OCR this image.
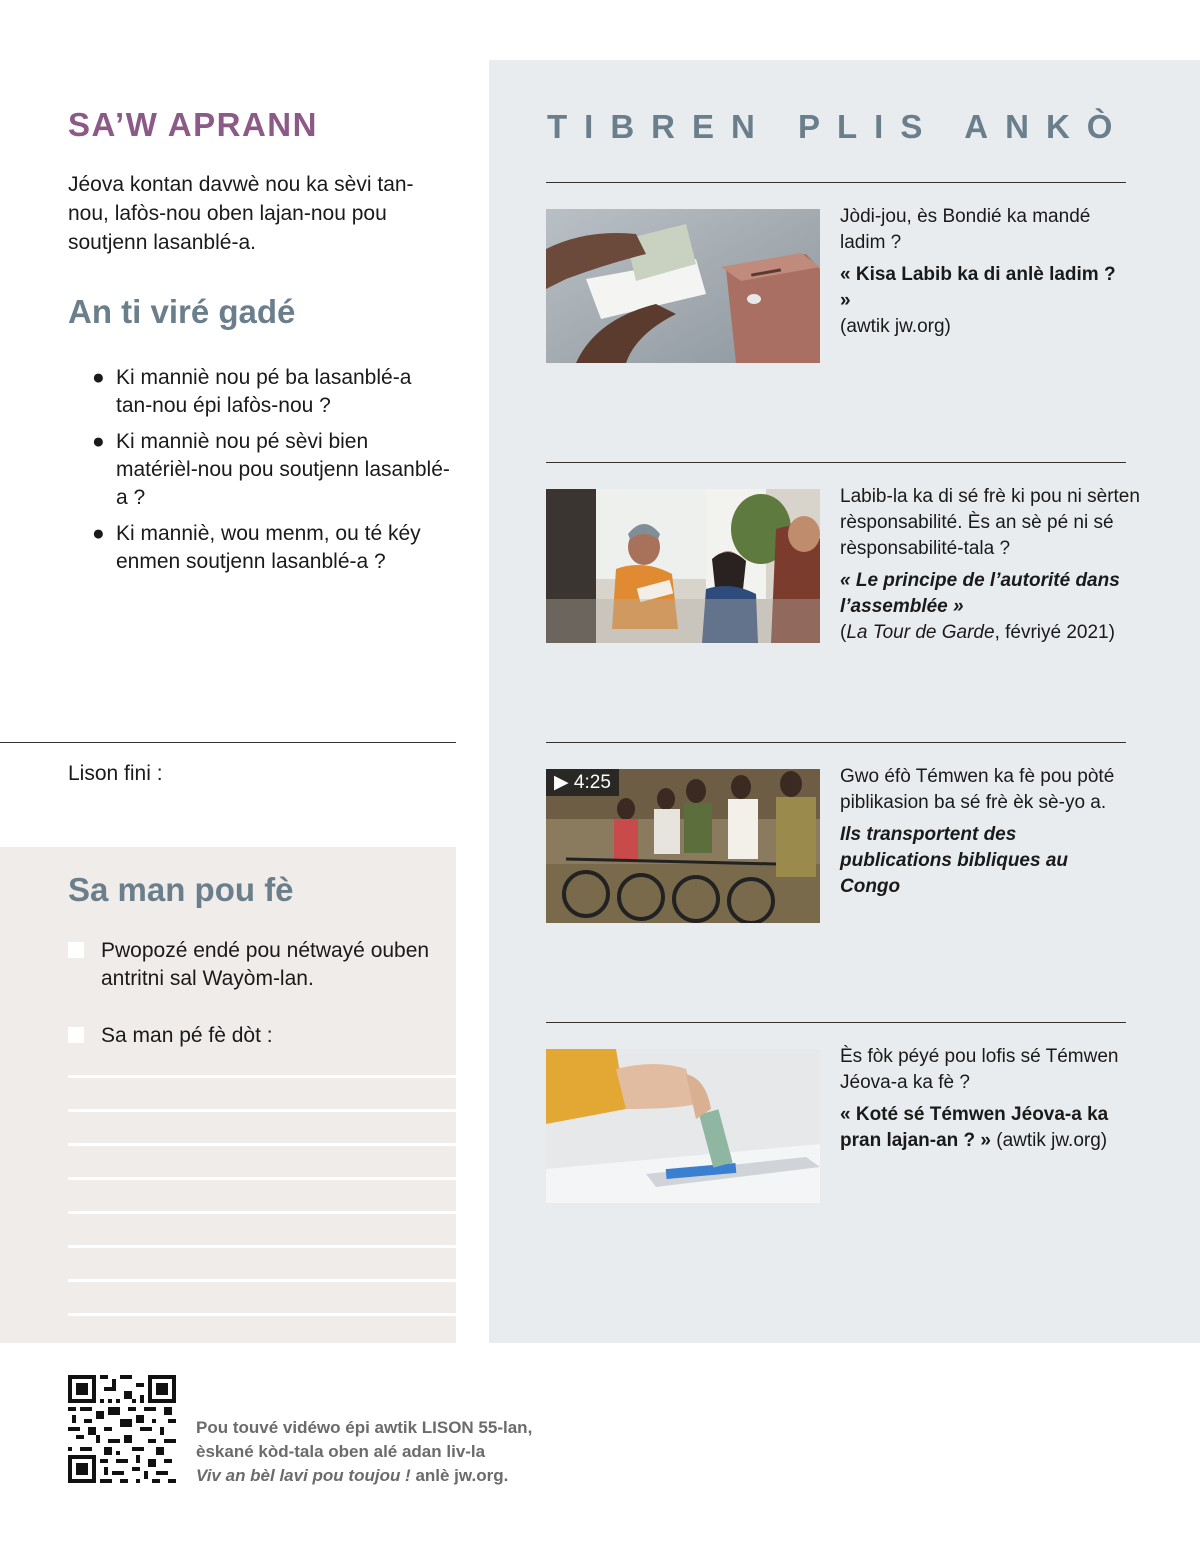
SA’W APRANN

Jéova kontan davwè nou ka sèvi tan-nou, lafòs-nou oben lajan-nou pou soutjenn lasanblé-a.

An ti viré gadé
● Ki manniè nou pé ba lasanblé-a tan-nou épi lafòs-nou ?
● Ki manniè nou pé sèvi bien matérièl-nou pou soutjenn lasanblé-a ?
● Ki manniè, wou menm, ou té kéy enmen soutjenn lasanblé-a ?
Lison fini :
Sa man pou fè
Pwopozé endé pou nétwayé ouben antritni sal Wayòm-lan.
Sa man pé fè dòt :
TIBREN PLIS ANKÒ
Jòdi-jou, ès Bondié ka mandé ladim ?
« Kisa Labib ka di anlè ladim ? »
(awtik jw.org)
Labib-la ka di sé frè ki pou ni sèrten rèsponsabilité. Ès an sè pé ni sé rèsponsabilité-tala ?
« Le principe de l’autorité dans l’assemblée »
(La Tour de Garde, févriyé 2021)
▶ 4:25	Gwo éfò Témwen ka fè pou pòté piblikasion ba sé frè èk sè-yo a.
Ils transportent des publications bibliques au Congo
Ès fòk péyé pou lofis sé Témwen Jéova-a ka fè ?
« Koté sé Témwen Jéova-a ka pran lajan-an ? » (awtik jw.org)
Pou touvé vidéwo épi awtik LISON 55-lan,
èskané kòd-tala oben alé adan liv-la
Viv an bèl lavi pou toujou ! anlè jw.org.
